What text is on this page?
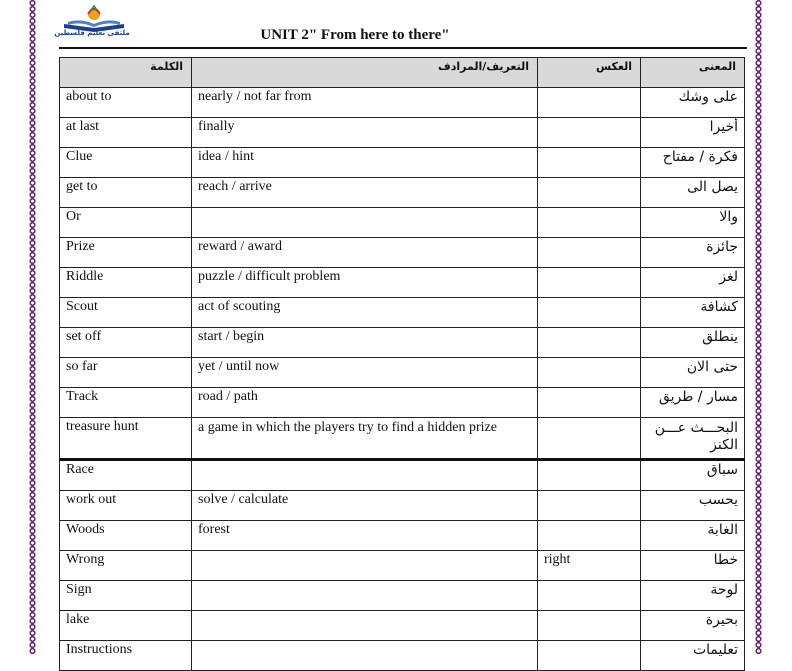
ملتقى تعليم فلسطين	UNIT 2" From here to there"
الكلمة	التعريف/المرادف	العكس	المعنى
about to	nearly / not far from		على وشك
at last	finally		أخيرا
Clue	idea / hint		فكرة / مفتاح
get to	reach / arrive		يصل الى
Or			والا
Prize	reward / award		جائزة
Riddle	puzzle / difficult problem		لغز
Scout	act of scouting		كشافة
set off	start / begin		ينطلق
so far	yet / until now		حتى الان
Track	road / path		مسار / طريق
treasure hunt	a game in which the players try to find a hidden prize		البحـــث عـــن الكنز
Race			سباق
work out	solve / calculate		يحسب
Woods	forest		الغابة
Wrong		right	خطا
Sign			لوحة
lake			بحيرة
Instructions			تعليمات
